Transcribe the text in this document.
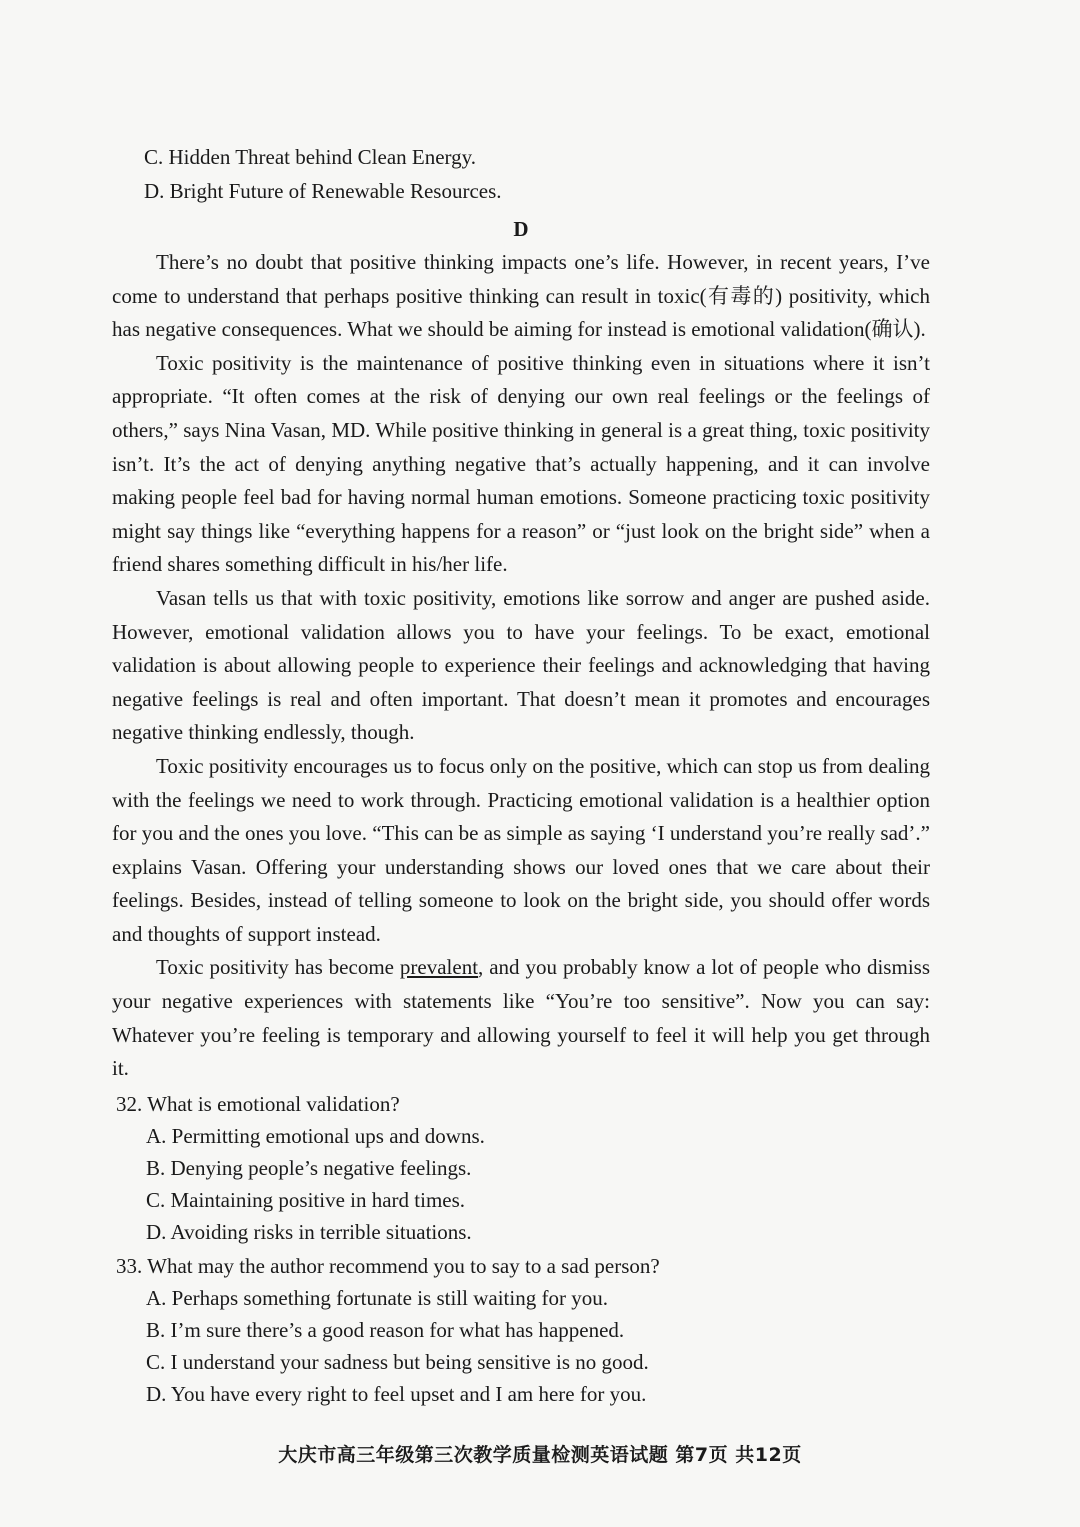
C. Hidden Threat behind Clean Energy.
D. Bright Future of Renewable Resources.
D

There’s no doubt that positive thinking impacts one’s life. However, in recent years, I’ve come to understand that perhaps positive thinking can result in toxic(有毒的) positivity, which has negative consequences. What we should be aiming for instead is emotional validation(确认).

Toxic positivity is the maintenance of positive thinking even in situations where it isn’t appropriate. “It often comes at the risk of denying our own real feelings or the feelings of others,” says Nina Vasan, MD. While positive thinking in general is a great thing, toxic positivity isn’t. It’s the act of denying anything negative that’s actually happening, and it can involve making people feel bad for having normal human emotions. Someone practicing toxic positivity might say things like “everything happens for a reason” or “just look on the bright side” when a friend shares something difficult in his/her life.

Vasan tells us that with toxic positivity, emotions like sorrow and anger are pushed aside. However, emotional validation allows you to have your feelings. To be exact, emotional validation is about allowing people to experience their feelings and acknowledging that having negative feelings is real and often important. That doesn’t mean it promotes and encourages negative thinking endlessly, though.

Toxic positivity encourages us to focus only on the positive, which can stop us from dealing with the feelings we need to work through. Practicing emotional validation is a healthier option for you and the ones you love. “This can be as simple as saying ‘I understand you’re really sad’.” explains Vasan. Offering your understanding shows our loved ones that we care about their feelings. Besides, instead of telling someone to look on the bright side, you should offer words and thoughts of support instead.

Toxic positivity has become prevalent, and you probably know a lot of people who dismiss your negative experiences with statements like “You’re too sensitive”. Now you can say: Whatever you’re feeling is temporary and allowing yourself to feel it will help you get through it.

32. What is emotional validation?
A. Permitting emotional ups and downs.
B. Denying people’s negative feelings.
C. Maintaining positive in hard times.
D. Avoiding risks in terrible situations.
33. What may the author recommend you to say to a sad person?
A. Perhaps something fortunate is still waiting for you.
B. I’m sure there’s a good reason for what has happened.
C. I understand your sadness but being sensitive is no good.
D. You have every right to feel upset and I am here for you.
大庆市高三年级第三次教学质量检测英语试题 第7页 共12页
